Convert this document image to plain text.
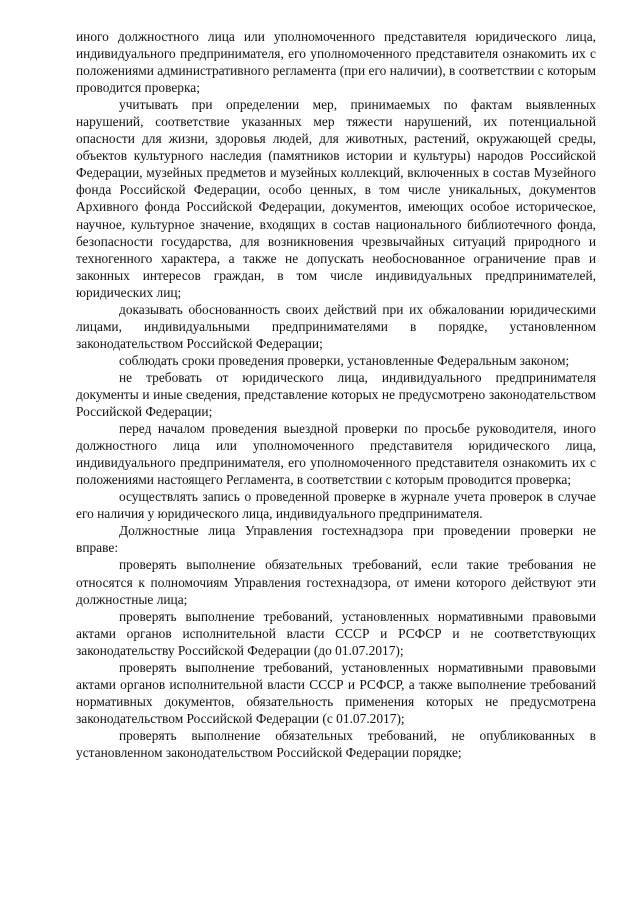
иного должностного лица или уполномоченного представителя юридического лица, индивидуального предпринимателя, его уполномоченного представителя ознакомить их с положениями административного регламента (при его наличии), в соответствии с которым проводится проверка;

учитывать при определении мер, принимаемых по фактам выявленных нарушений, соответствие указанных мер тяжести нарушений, их потенциальной опасности для жизни, здоровья людей, для животных, растений, окружающей среды, объектов культурного наследия (памятников истории и культуры) народов Российской Федерации, музейных предметов и музейных коллекций, включенных в состав Музейного фонда Российской Федерации, особо ценных, в том числе уникальных, документов Архивного фонда Российской Федерации, документов, имеющих особое историческое, научное, культурное значение, входящих в состав национального библиотечного фонда, безопасности государства, для возникновения чрезвычайных ситуаций природного и техногенного характера, а также не допускать необоснованное ограничение прав и законных интересов граждан, в том числе индивидуальных предпринимателей, юридических лиц;

доказывать обоснованность своих действий при их обжаловании юридическими лицами, индивидуальными предпринимателями в порядке, установленном законодательством Российской Федерации;

соблюдать сроки проведения проверки, установленные Федеральным законом;

не требовать от юридического лица, индивидуального предпринимателя документы и иные сведения, представление которых не предусмотрено законодательством Российской Федерации;

перед началом проведения выездной проверки по просьбе руководителя, иного должностного лица или уполномоченного представителя юридического лица, индивидуального предпринимателя, его уполномоченного представителя ознакомить их с положениями настоящего Регламента, в соответствии с которым проводится проверка;

осуществлять запись о проведенной проверке в журнале учета проверок в случае его наличия у юридического лица, индивидуального предпринимателя.

Должностные лица Управления гостехнадзора при проведении проверки не вправе:

проверять выполнение обязательных требований, если такие требования не относятся к полномочиям Управления гостехнадзора, от имени которого действуют эти должностные лица;

проверять выполнение требований, установленных нормативными правовыми актами органов исполнительной власти СССР и РСФСР и не соответствующих законодательству Российской Федерации (до 01.07.2017);

проверять выполнение требований, установленных нормативными правовыми актами органов исполнительной власти СССР и РСФСР, а также выполнение требований нормативных документов, обязательность применения которых не предусмотрена законодательством Российской Федерации (с 01.07.2017);

проверять выполнение обязательных требований, не опубликованных в установленном законодательством Российской Федерации порядке;
